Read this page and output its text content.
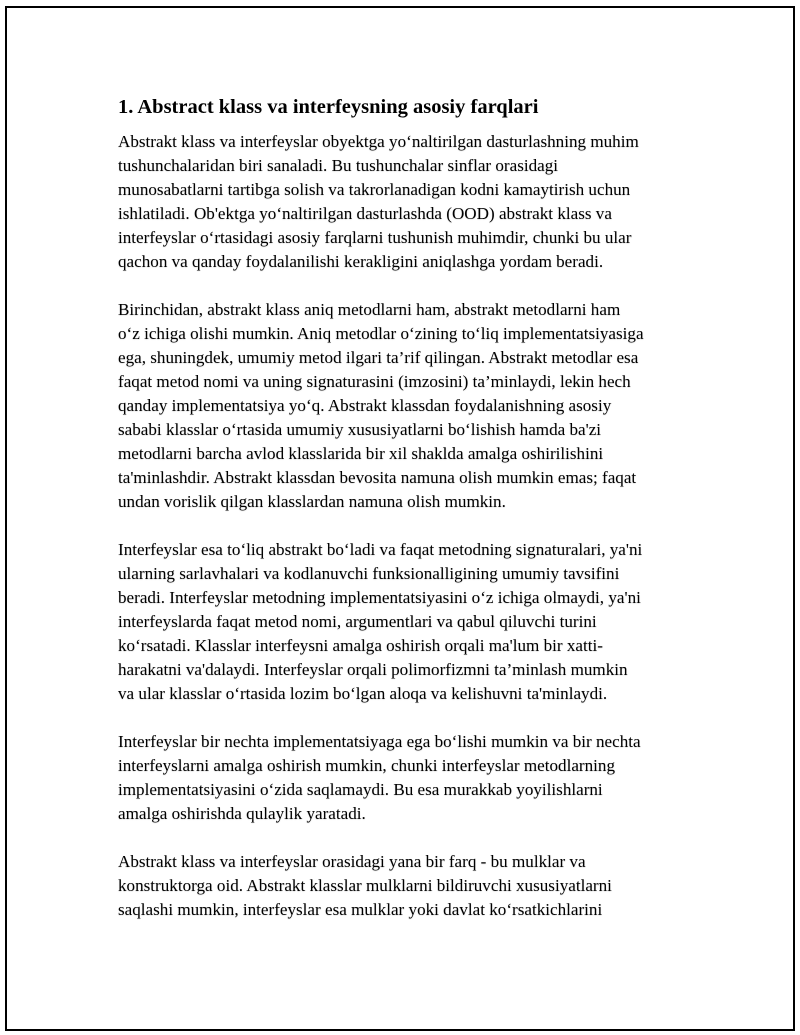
1. Abstract klass va interfeysning asosiy farqlari
Abstrakt klass va interfeyslar obyektga yo‘naltirilgan dasturlashning muhim
tushunchalaridan biri sanaladi. Bu tushunchalar sinflar orasidagi
munosabatlarni tartibga solish va takrorlanadigan kodni kamaytirish uchun
ishlatiladi. Ob'ektga yo‘naltirilgan dasturlashda (OOD) abstrakt klass va
interfeyslar o‘rtasidagi asosiy farqlarni tushunish muhimdir, chunki bu ular
qachon va qanday foydalanilishi kerakligini aniqlashga yordam beradi.
Birinchidan, abstrakt klass aniq metodlarni ham, abstrakt metodlarni ham
o‘z ichiga olishi mumkin. Aniq metodlar o‘zining to‘liq implementatsiyasiga
ega, shuningdek, umumiy metod ilgari ta’rif qilingan. Abstrakt metodlar esa
faqat metod nomi va uning signaturasini (imzosini) ta’minlaydi, lekin hech
qanday implementatsiya yo‘q. Abstrakt klassdan foydalanishning asosiy
sababi klasslar o‘rtasida umumiy xususiyatlarni bo‘lishish hamda ba'zi
metodlarni barcha avlod klasslarida bir xil shaklda amalga oshirilishini
ta'minlashdir. Abstrakt klassdan bevosita namuna olish mumkin emas; faqat
undan vorislik qilgan klasslardan namuna olish mumkin.
Interfeyslar esa to‘liq abstrakt bo‘ladi va faqat metodning signaturalari, ya'ni
ularning sarlavhalari va kodlanuvchi funksionalligining umumiy tavsifini
beradi. Interfeyslar metodning implementatsiyasini o‘z ichiga olmaydi, ya'ni
interfeyslarda faqat metod nomi, argumentlari va qabul qiluvchi turini
ko‘rsatadi. Klasslar interfeysni amalga oshirish orqali ma'lum bir xatti-
harakatni va'dalaydi. Interfeyslar orqali polimorfizmni ta’minlash mumkin
va ular klasslar o‘rtasida lozim bo‘lgan aloqa va kelishuvni ta'minlaydi.
Interfeyslar bir nechta implementatsiyaga ega bo‘lishi mumkin va bir nechta
interfeyslarni amalga oshirish mumkin, chunki interfeyslar metodlarning
implementatsiyasini o‘zida saqlamaydi. Bu esa murakkab yoyilishlarni
amalga oshirishda qulaylik yaratadi.
Abstrakt klass va interfeyslar orasidagi yana bir farq - bu mulklar va
konstruktorga oid. Abstrakt klasslar mulklarni bildiruvchi xususiyatlarni
saqlashi mumkin, interfeyslar esa mulklar yoki davlat ko‘rsatkichlarini
